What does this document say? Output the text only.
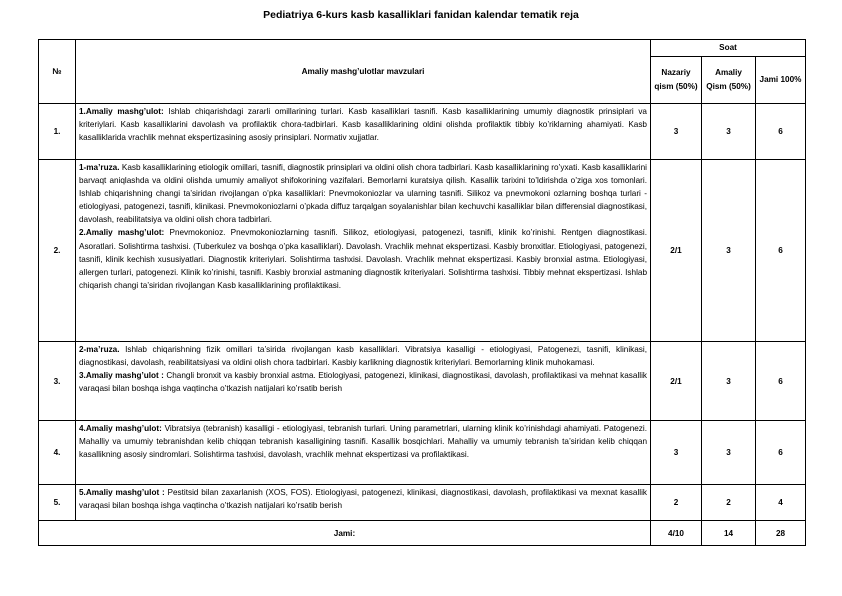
Pediatriya 6-kurs kasb kasalliklari fanidan kalendar tematik reja
№	Amaliy mashg’ulotlar mavzulari	Soat		
		Nazariy qism (50%)	Amaliy Qism (50%)	Jami 100%
1.	1.Amaliy mashg’ulot: Ishlab chiqarishdagi zararli omillarining turlari. Kasb kasalliklari tasnifi. Kasb kasalliklarining umumiy diagnostik prinsiplari va kriteriylari. Kasb kasalliklarini davolash va profilaktik chora-tadbirlari. Kasb kasalliklarining oldini olishda profilaktik tibbiy ko’riklarning ahamiyati. Kasb kasalliklarida vrachlik mehnat ekspertizasining asosiy prinsiplari. Normativ xujjatlar.	3	3	6
2.	1-ma’ruza. Kasb kasalliklarining etiologik omillari, tasnifi, diagnostik prinsiplari va oldini olish chora tadbirlari. Kasb kasalliklarining ro’yxati. Kasb kasalliklarini barvaqt aniqlashda va oldini olishda umumiy amaliyot shifokorining vazifalari. Bemorlarni kuratsiya qilish. Kasallik tarixini to’ldirishda o’ziga xos tomonlari. Ishlab chiqarishning changi ta’siridan rivojlangan o’pka kasalliklari: Pnevmokoniozlar va ularning tasnifi. Silikoz va pnevmokoni ozlarning boshqa turlari - etiologiyasi, patogenezi, tasnifi, klinikasi. Pnevmokoniozlarni o’pkada diffuz tarqalgan soyalanishlar bilan kechuvchi kasalliklar bilan differensial diagnostikasi, davolash, reabilitatsiya va oldini olish chora tadbirlari.
2.Amaliy mashg’ulot: Pnevmokonioz. Pnevmokoniozlarning tasnifi. Silikoz, etiologiyasi, patogenezi, tasnifi, klinik ko’rinishi. Rentgen diagnostikasi. Asoratlari. Solishtirma tashxisi. (Tuberkulez va boshqa o’pka kasalliklari). Davolash. Vrachlik mehnat ekspertizasi. Kasbiy bronxitlar. Etiologiyasi, patogenezi, tasnifi, klinik kechish xususiyatlari. Diagnostik kriteriylari. Solishtirma tashxisi. Davolash. Vrachlik mehnat ekspertizasi. Kasbiy bronxial astma. Etiologiyasi, allergen turlari, patogenezi. Klinik ko’rinishi, tasnifi. Kasbiy bronxial astmaning diagnostik kriteriyalari. Solishtirma tashxisi. Tibbiy mehnat ekspertizasi. Ishlab chiqarish changi ta’siridan rivojlangan Kasb kasalliklarining profilaktikasi.	2/1	3	6
3.	2-ma’ruza. Ishlab chiqarishning fizik omillari ta’sirida rivojlangan kasb kasalliklari. Vibratsiya kasalligi - etiologiyasi, Patogenezi, tasnifi, klinikasi, diagnostikasi, davolash, reabilitatsiyasi va oldini olish chora tadbirlari. Kasbiy karlikning diagnostik kriteriylari. Bemorlarning klinik muhokamasi.
3.Amaliy mashg’ulot : Changli bronxit va kasbiy bronxial astma. Etiologiyasi, patogenezi, klinikasi, diagnostikasi, davolash, profilaktikasi va mehnat kasallik varaqasi bilan boshqa ishga vaqtincha o’tkazish natijalari ko’rsatib berish	2/1	3	6
4.	4.Amaliy mashg’ulot: Vibratsiya (tebranish) kasalligi - etiologiyasi, tebranish turlari. Uning parametrlari, ularning klinik ko’rinishdagi ahamiyati. Patogenezi. Mahalliy va umumiy tebranishdan kelib chiqqan tebranish kasalligining tasnifi. Kasallik bosqichlari. Mahalliy va umumiy tebranish ta’siridan kelib chiqqan kasallikning asosiy sindromlari. Solishtirma tashxisi, davolash, vrachlik mehnat ekspertizasi va profilaktikasi.	3	3	6
5.	5.Amaliy mashg’ulot : Pestitsid bilan zaxarlanish (XOS, FOS). Etiologiyasi, patogenezi, klinikasi, diagnostikasi, davolash, profilaktikasi va mexnat kasallik varaqasi bilan boshqa ishga vaqtincha o’tkazish natijalari ko’rsatib berish	2	2	4
Jami:		4/10	14	28
